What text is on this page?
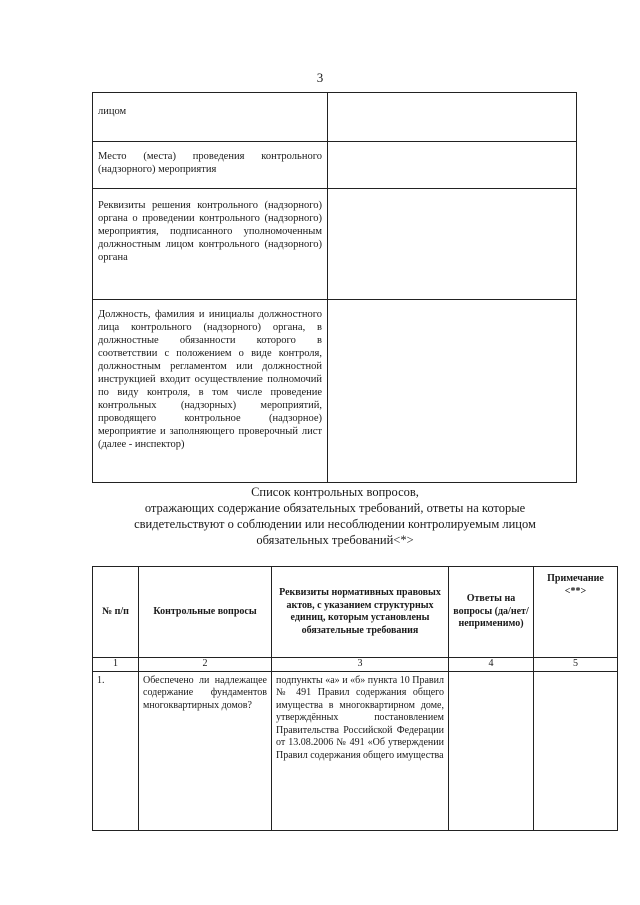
3
лицом	
Место (места) проведения контрольного (надзорного) мероприятия	
Реквизиты решения контрольного (надзорного) органа о проведении контрольного (надзорного) мероприятия, подписанного уполномоченным должностным лицом контрольного (надзорного) органа	
Должность, фамилия и инициалы должностного лица контрольного (надзорного) органа, в должностные обязанности которого в соответствии с положением о виде контроля, должностным регламентом или должностной инструкцией входит осуществление полномочий по виду контроля, в том числе проведение контрольных (надзорных) мероприятий, проводящего контрольное (надзорное) мероприятие и заполняющего проверочный лист (далее - инспектор)	
Список контрольных вопросов,
отражающих содержание обязательных требований, ответы на которые
свидетельствуют о соблюдении или несоблюдении контролируемым лицом
обязательных требований<*>
№ п/п	Контрольные вопросы	Реквизиты нормативных правовых актов, с указанием структурных единиц, которым установлены обязательные требования	Ответы на вопросы (да/нет/ неприменимо)	Примечание <**>
1	2	3	4	5
1.	Обеспечено ли надлежащее содержание фундаментов многоквартирных домов?	подпункты «а» и «б» пункта 10 Правил № 491 Правил содержания общего имущества в многоквартирном доме, утверждённых постановлением Правительства Российской Федерации от 13.08.2006 № 491 «Об утверждении Правил содержания общего имущества		
